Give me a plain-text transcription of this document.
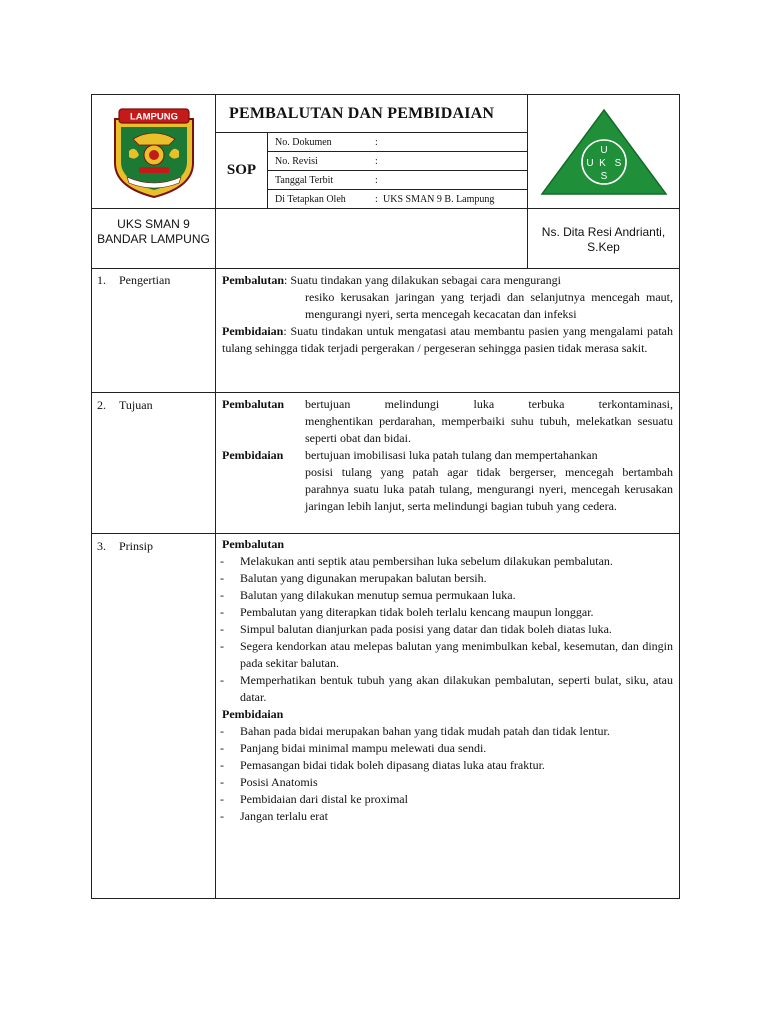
LAMPUNG	PEMBALUTAN DAN PEMBIDAIAN
SOP
No. Dokumen	:
No. Revisi	:
Tanggal Terbit	:
Di Tetapkan Oleh	: UKS SMAN 9 B. Lampung
U
K
U S
S
UKS SMAN 9 BANDAR LAMPUNG	Ns. Dita Resi Andrianti, S.Kep
1.	Pengertian	Pembalutan : Suatu tindakan yang dilakukan sebagai cara mengurangi
resiko kerusakan jaringan yang terjadi dan selanjutnya mencegah maut, mengurangi nyeri, serta mencegah kecacatan dan infeksi
Pembidaian: Suatu tindakan untuk mengatasi atau membantu pasien yang mengalami patah tulang sehingga tidak terjadi pergerakan / pergeseran sehingga pasien tidak merasa sakit.
2.	Tujuan	Pembalutan	bertujuan melindungi luka terbuka terkontaminasi,
menghentikan perdarahan, memperbaiki suhu tubuh, melekatkan sesuatu seperti obat dan bidai.
Pembidaian	bertujuan imobilisasi luka patah tulang dan mempertahankan
posisi tulang yang patah agar tidak bergerser, mencegah bertambah parahnya suatu luka patah tulang, mengurangi nyeri, mencegah kerusakan jaringan lebih lanjut, serta melindungi bagian tubuh yang cedera.
3.	Prinsip	Pembalutan
-	Melakukan anti septik atau pembersihan luka sebelum dilakukan pembalutan.
-	Balutan yang digunakan merupakan balutan bersih.
-	Balutan yang dilakukan menutup semua permukaan luka.
-	Pembalutan yang diterapkan tidak boleh terlalu kencang maupun longgar.
-	Simpul balutan dianjurkan pada posisi yang datar dan tidak boleh diatas luka.
-	Segera kendorkan atau melepas balutan yang menimbulkan kebal, kesemutan, dan dingin pada sekitar balutan.
-	Memperhatikan bentuk tubuh yang akan dilakukan pembalutan, seperti bulat, siku, atau datar.
Pembidaian
-	Bahan pada bidai merupakan bahan yang tidak mudah patah dan tidak lentur.
-	Panjang bidai minimal mampu melewati dua sendi.
-	Pemasangan bidai tidak boleh dipasang diatas luka atau fraktur.
-	Posisi Anatomis
-	Pembidaian dari distal ke proximal
-	Jangan terlalu erat
